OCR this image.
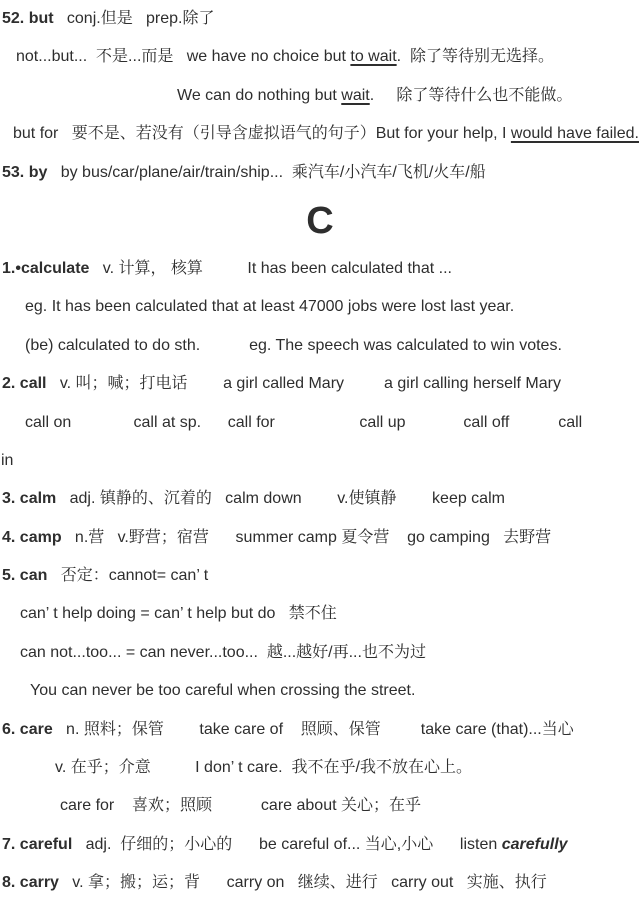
52. but   conj.但是   prep.除了
not...but...  不是...而是   we have no choice but to wait.  除了等待别无选择。
We can do nothing but wait.     除了等待什么也不能做。
but for   要不是、若没有（引导含虚拟语气的句子）But for your help, I would have failed.
53. by   by bus/car/plane/air/train/ship...  乘汽车/小汽车/飞机/火车/船
C
1.•calculate   v. 计算， 核算          It has been calculated that ...
eg. It has been calculated that at least 47000 jobs were lost last year.
(be) calculated to do sth.           eg. The speech was calculated to win votes.
2. call   v. 叫；喊；打电话        a girl called Mary         a girl calling herself Mary
call on              call at sp.      call for                   call up             call off           call
in
3. calm   adj. 镇静的、沉着的   calm down        v.使镇静        keep calm
4. camp   n.营   v.野营；宿营      summer camp 夏令营    go camping   去野营
5. can   否定：cannot= can’ t
can’ t help doing = can’ t help but do   禁不住
can not...too... = can never...too...  越...越好/再...也不为过
You can never be too careful when crossing the street.
6. care   n. 照料；保管        take care of    照顾、保管         take care (that)...当心
v. 在乎；介意          I don’ t care.  我不在乎/我不放在心上。
care for    喜欢；照顾           care about 关心；在乎
7. careful   adj.  仔细的；小心的      be careful of... 当心,小心      listen carefully
8. carry   v. 拿；搬；运；背      carry on   继续、进行   carry out   实施、执行
